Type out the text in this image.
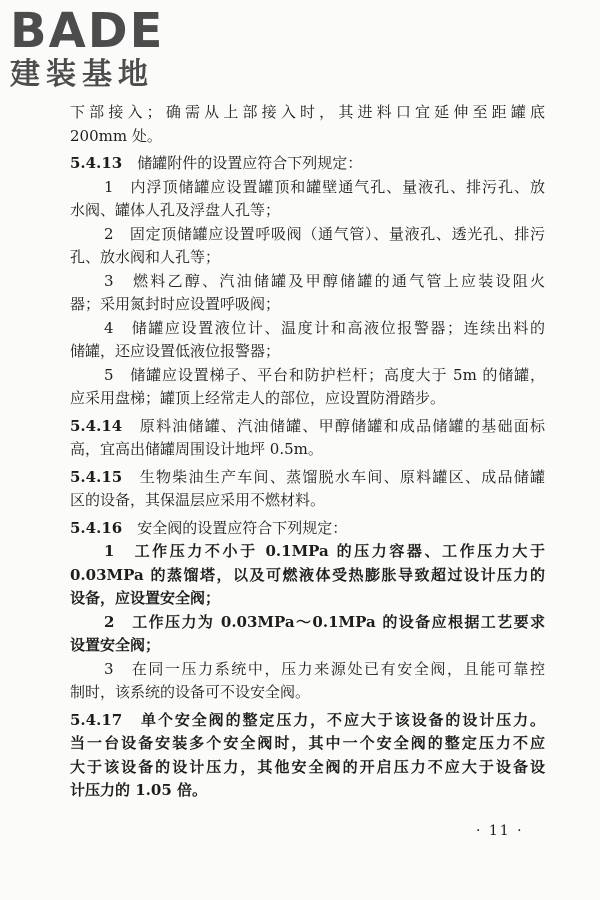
BADE
建装基地
下部接入；确需从上部接入时，其进料口宜延伸至距罐底
200mm 处。
5.4.13　 储罐附件的设置应符合下列规定：
1　内浮顶储罐应设置罐顶和罐壁通气孔、量液孔、排污孔、放
水阀、罐体人孔及浮盘人孔等；
2　固定顶储罐应设置呼吸阀（通气管）、量液孔、透光孔、排污
孔、放水阀和人孔等；
3　燃料乙醇、汽油储罐及甲醇储罐的通气管上应装设阻火
器；采用氮封时应设置呼吸阀；
4　储罐应设置液位计、温度计和高液位报警器；连续出料的
储罐，还应设置低液位报警器；
5　储罐应设置梯子、平台和防护栏杆；高度大于 5m 的储罐，
应采用盘梯；罐顶上经常走人的部位，应设置防滑踏步。
5.4.14　 原料油储罐、汽油储罐、甲醇储罐和成品储罐的基础面标
高，宜高出储罐周围设计地坪 0.5m。
5.4.15　 生物柴油生产车间、蒸馏脱水车间、原料罐区、成品储罐
区的设备，其保温层应采用不燃材料。
5.4.16　 安全阀的设置应符合下列规定：
1　工作压力不小于 0.1MPa 的压力容器、工作压力大于
0.03MPa 的蒸馏塔，以及可燃液体受热膨胀导致超过设计压力的
设备，应设置安全阀；
2　工作压力为 0.03MPa～0.1MPa 的设备应根据工艺要求
设置安全阀；
3　在同一压力系统中，压力来源处已有安全阀，且能可靠控
制时，该系统的设备可不设安全阀。
5.4.17　 单个安全阀的整定压力，不应大于该设备的设计压力。
当一台设备安装多个安全阀时，其中一个安全阀的整定压力不应
大于该设备的设计压力，其他安全阀的开启压力不应大于设备设
计压力的 1.05 倍。
· 11 ·
